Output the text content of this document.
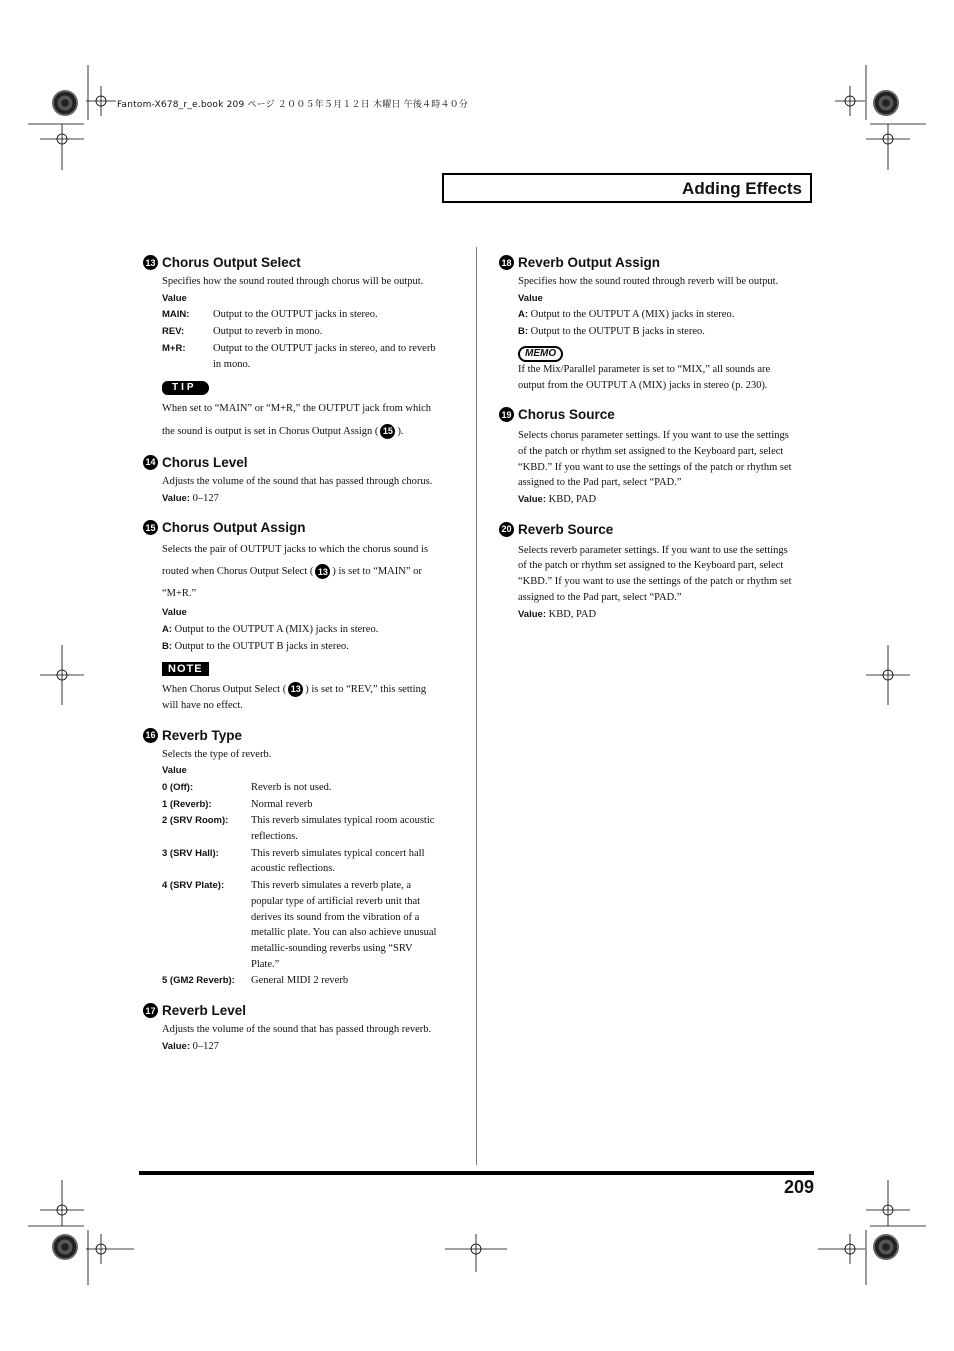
Fantom-X678_r_e.book 209 ページ ２００５年５月１２日 木曜日 午後４時４０分
Adding Effects
13 Chorus Output Select
Specifies how the sound routed through chorus will be output.
Value
MAIN:	Output to the OUTPUT jacks in stereo.
REV:	Output to reverb in mono.
M+R:	Output to the OUTPUT jacks in stereo, and to reverb in mono.
TIP
When set to “MAIN” or “M+R,” the OUTPUT jack from which the sound is output is set in Chorus Output Assign ( 15 ).
14 Chorus Level
Adjusts the volume of the sound that has passed through chorus.
Value: 0–127
15 Chorus Output Assign
Selects the pair of OUTPUT jacks to which the chorus sound is routed when Chorus Output Select ( 13 ) is set to “MAIN” or “M+R.”
Value
A: Output to the OUTPUT A (MIX) jacks in stereo.
B: Output to the OUTPUT B jacks in stereo.
NOTE
When Chorus Output Select ( 13 ) is set to “REV,” this setting will have no effect.
16 Reverb Type
Selects the type of reverb.
Value
0 (Off):	Reverb is not used.
1 (Reverb):	Normal reverb
2 (SRV Room):	This reverb simulates typical room acoustic reflections.
3 (SRV Hall):	This reverb simulates typical concert hall acoustic reflections.
4 (SRV Plate):	This reverb simulates a reverb plate, a popular type of artificial reverb unit that derives its sound from the vibration of a metallic plate. You can also achieve unusual metallic-sounding reverbs using “SRV Plate.”
5 (GM2 Reverb):	General MIDI 2 reverb
17 Reverb Level
Adjusts the volume of the sound that has passed through reverb.
Value: 0–127
18 Reverb Output Assign
Specifies how the sound routed through reverb will be output.
Value
A: Output to the OUTPUT A (MIX) jacks in stereo.
B: Output to the OUTPUT B jacks in stereo.
MEMO
If the Mix/Parallel parameter is set to “MIX,” all sounds are output from the OUTPUT A (MIX) jacks in stereo (p. 230).
19 Chorus Source
Selects chorus parameter settings. If you want to use the settings of the patch or rhythm set assigned to the Keyboard part, select “KBD.” If you want to use the settings of the patch or rhythm set assigned to the Pad part, select “PAD.”
Value: KBD, PAD
20 Reverb Source
Selects reverb parameter settings. If you want to use the settings of the patch or rhythm set assigned to the Keyboard part, select “KBD.” If you want to use the settings of the patch or rhythm set assigned to the Pad part, select “PAD.”
Value: KBD, PAD
209
